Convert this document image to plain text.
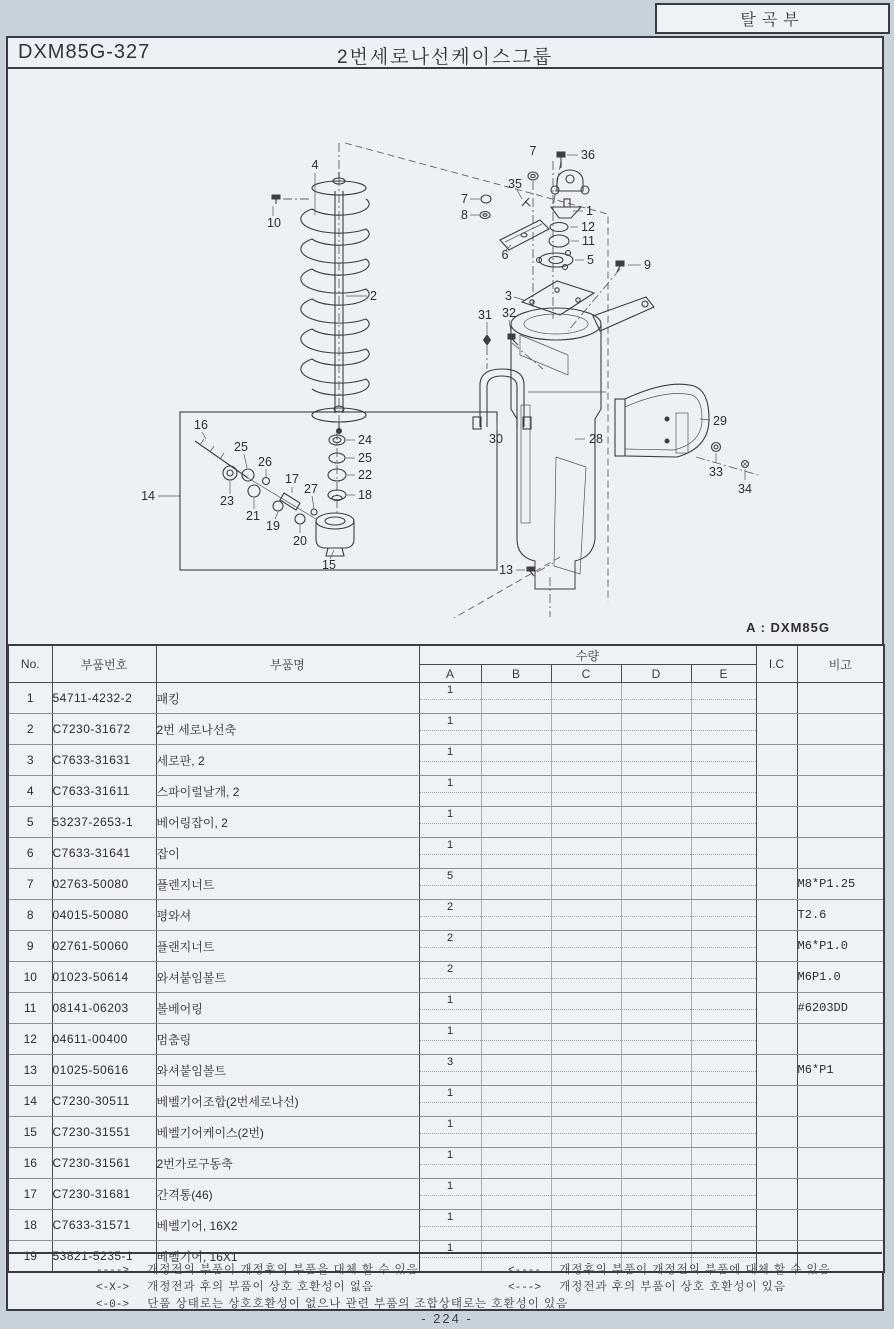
탈곡부
DXM85G-327	2번세로나선케이스그룹
4
10
2
14
16
25
26
17
27
23
21
19
20
15
24
25
22
18
7	36
35
7
8	1
12
11
6	5	9
3
31 32
30	28
29
33
34
13
A : DXM85G
No.	부품번호	부품명	수량					I.C	비고
			A	B	C	D	E		
1	54711-4232-2	패킹	1						

2	C7230-31672	2번 세로나선축	1						

3	C7633-31631	세로판, 2	1						

4	C7633-31611	스파이럴날개, 2	1						

5	53237-2653-1	베어링잡이, 2	1						

6	C7633-31641	잡이	1						

7	02763-50080	플렌지너트	5						M8*P1.25
8	04015-50080	평와셔	2						T2.6
9	02761-50060	플랜지너트	2						M6*P1.0
10	01023-50614	와셔붙임볼트	2						M6P1.0
11	08141-06203	볼베어링	1						#6203DD
12	04611-00400	멈춤링	1						

13	01025-50616	와셔붙임볼트	3						M6*P1
14	C7230-30511	베벨기어조합(2번세로나선)	1						

15	C7230-31551	베벨기어케이스(2번)	1						

16	C7230-31561	2번가로구동축	1						

17	C7230-31681	간격통(46)	1						

18	C7633-31571	베벨기어, 16X2	1						

19	53821-5235-1	베벨기어, 16X1	1						

----> 개정전의 부품이 개정후의 부품을 대체 할 수 있음	<---- 개정후의 부품이 개정전의 부품에 대체 할 수 있음
<-X-> 개정전과 후의 부품이 상호 호환성이 없음	<---> 개정전과 후의 부품이 상호 호환성이 있음
<-0-> 단품 상태로는 상호호환성이 없으나 관련 부품의 조합상태로는 호환성이 있음
- 224 -
